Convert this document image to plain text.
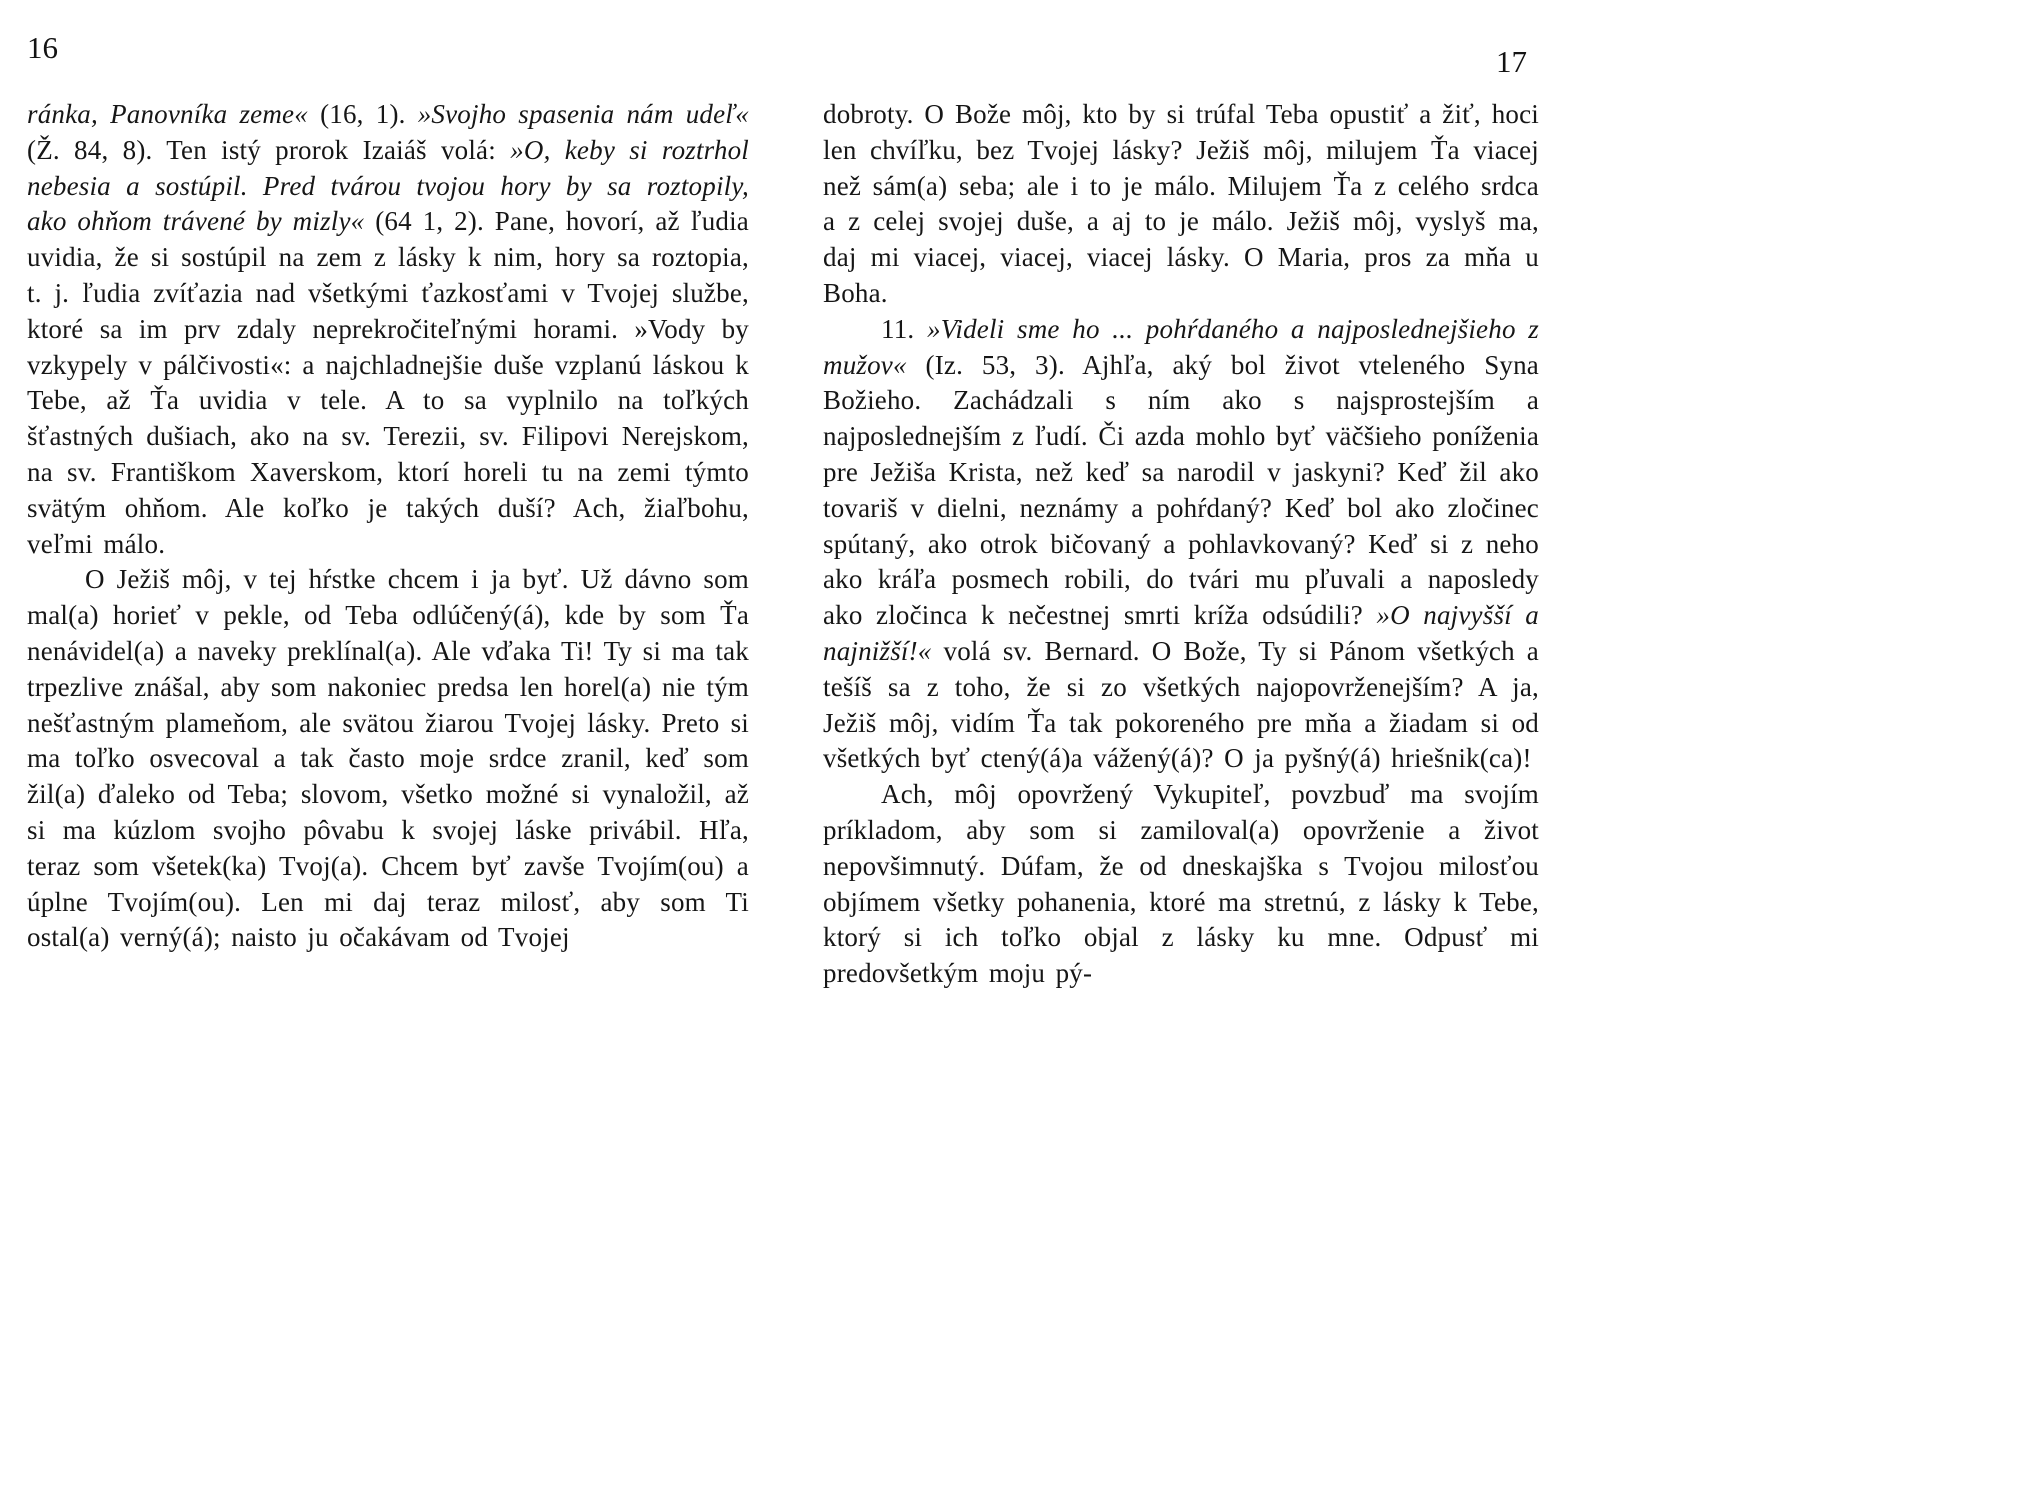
16

ránka, Panovníka zeme« (16, 1). »Svojho spasenia nám udeľ« (Ž. 84, 8). Ten istý prorok Izaiáš volá: »O, keby si roztrhol nebesia a sostúpil. Pred tvárou tvojou hory by sa roztopily, ako ohňom trávené by mizly« (64 1, 2). Pane, hovorí, až ľudia uvidia, že si sostúpil na zem z lásky k nim, hory sa roztopia, t. j. ľudia zvíťazia nad všetkými ťazkosťami v Tvojej službe, ktoré sa im prv zdaly neprekročiteľnými horami. »Vody by vzkypely v pálčivosti«: a najchladnejšie duše vzplanú láskou k Tebe, až Ťa uvidia v tele. A to sa vyplnilo na toľkých šťastných dušiach, ako na sv. Terezii, sv. Filipovi Nerejskom, na sv. Františkom Xaverskom, ktorí horeli tu na zemi týmto svätým ohňom. Ale koľko je takých duší? Ach, žiaľbohu, veľmi málo.

O Ježiš môj, v tej hŕstke chcem i ja byť. Už dávno som mal(a) horieť v pekle, od Teba odlúčený(á), kde by som Ťa nenávidel(a) a naveky preklínal(a). Ale vďaka Ti! Ty si ma tak trpezlive znášal, aby som nakoniec predsa len horel(a) nie tým nešťastným plameňom, ale svätou žiarou Tvojej lásky. Preto si ma toľko osvecoval a tak často moje srdce zranil, keď som žil(a) ďaleko od Teba; slovom, všetko možné si vynaložil, až si ma kúzlom svojho pôvabu k svojej láske privábil. Hľa, teraz som všetek(ka) Tvoj(a). Chcem byť zavše Tvojím(ou) a úplne Tvojím(ou). Len mi daj teraz milosť, aby som Ti ostal(a) verný(á); naisto ju očakávam od Tvojej

17

dobroty. O Bože môj, kto by si trúfal Teba opustiť a žiť, hoci len chvíľku, bez Tvojej lásky? Ježiš môj, milujem Ťa viacej než sám(a) seba; ale i to je málo. Milujem Ťa z celého srdca a z celej svojej duše, a aj to je málo. Ježiš môj, vyslyš ma, daj mi viacej, viacej, viacej lásky. O Maria, pros za mňa u Boha.

11. »Videli sme ho ... pohŕdaného a najposlednejšieho z mužov« (Iz. 53, 3). Ajhľa, aký bol život vteleného Syna Božieho. Zachádzali s ním ako s najsprostejším a najposlednejším z ľudí. Či azda mohlo byť väčšieho poníženia pre Ježiša Krista, než keď sa narodil v jaskyni? Keď žil ako tovariš v dielni, neznámy a pohŕdaný? Keď bol ako zločinec spútaný, ako otrok bičovaný a pohlavkovaný? Keď si z neho ako kráľa posmech robili, do tvári mu pľuvali a naposledy ako zločinca k nečestnej smrti kríža odsúdili? »O najvyšší a najnižší!« volá sv. Bernard. O Bože, Ty si Pánom všetkých a tešíš sa z toho, že si zo všetkých najopovrženejším? A ja, Ježiš môj, vidím Ťa tak pokoreného pre mňa a žiadam si od všetkých byť ctený(á)a vážený(á)? O ja pyšný(á) hriešnik(ca)!

Ach, môj opovržený Vykupiteľ, povzbuď ma svojím príkladom, aby som si zamiloval(a) opovrženie a život nepovšimnutý. Dúfam, že od dneskajška s Tvojou milosťou objímem všetky pohanenia, ktoré ma stretnú, z lásky k Tebe, ktorý si ich toľko objal z lásky ku mne. Odpusť mi predovšetkým moju pý-
